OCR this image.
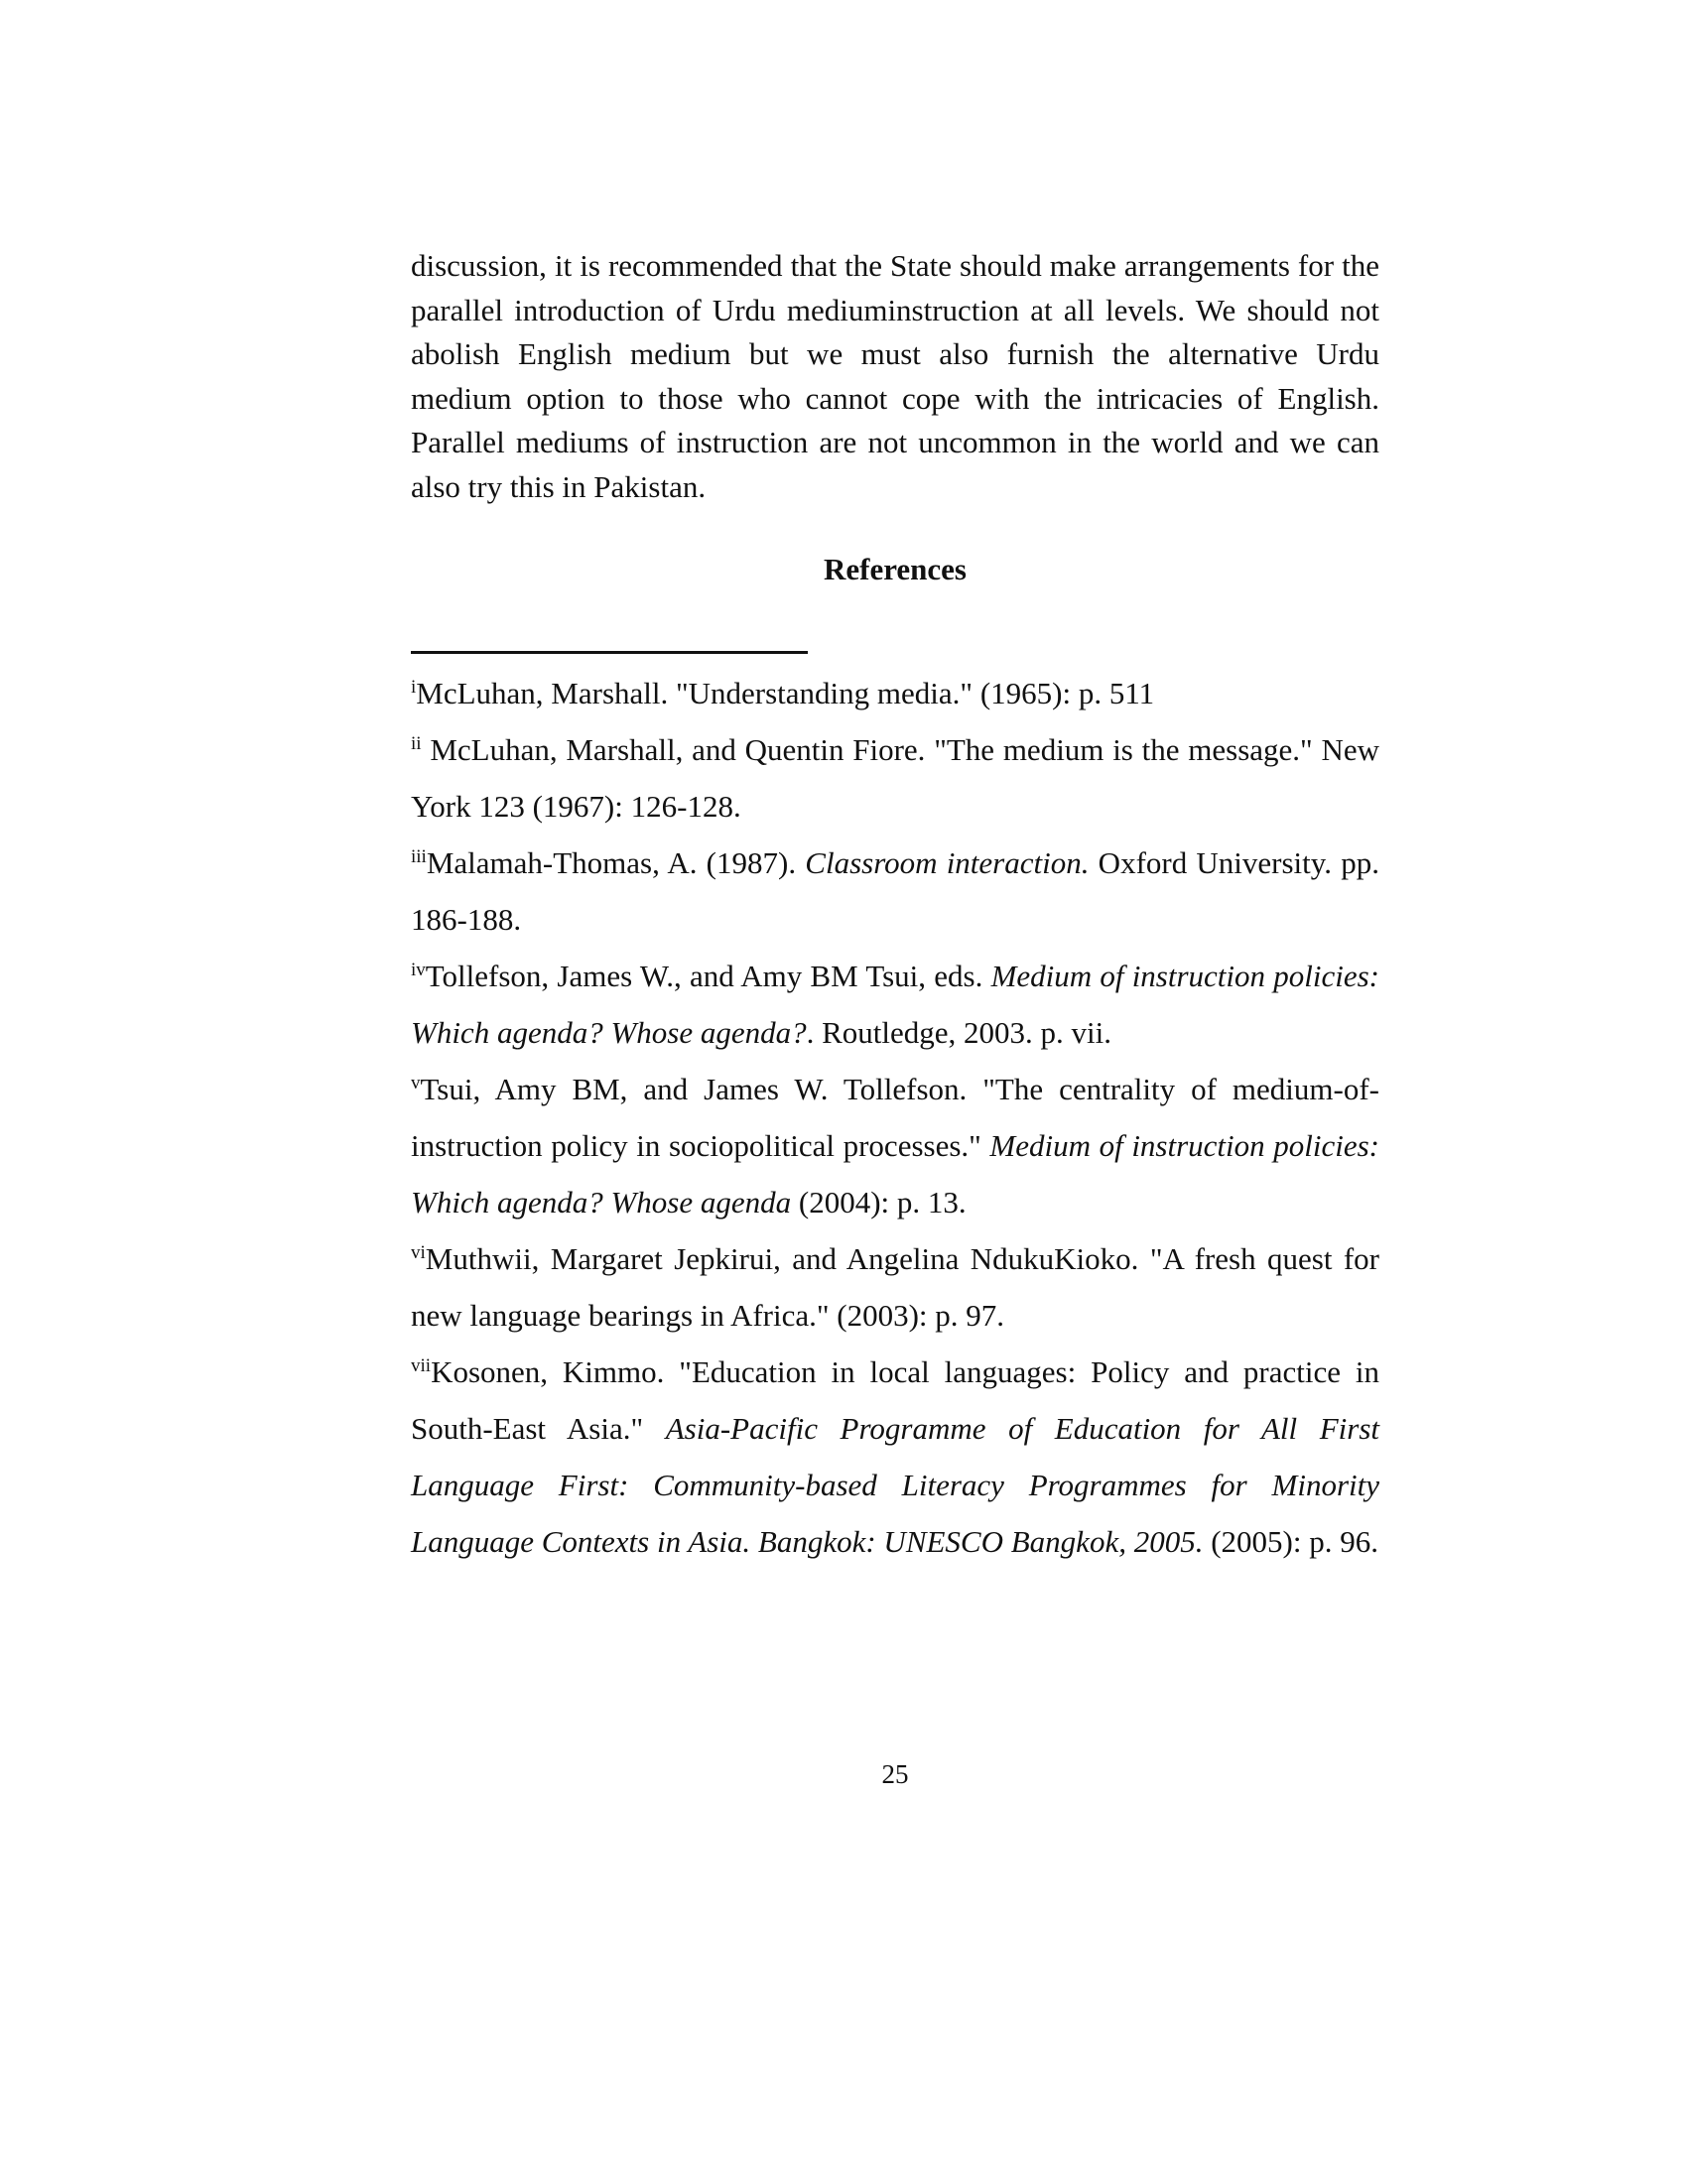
discussion, it is recommended that the State should make arrangements for the parallel introduction of Urdu mediuminstruction at all levels. We should not abolish English medium but we must also furnish the alternative Urdu medium option to those who cannot cope with the intricacies of English. Parallel mediums of instruction are not uncommon in the world and we can also try this in Pakistan.

References
$^i$McLuhan, Marshall. "Understanding media." (1965): p. 511
$^{ii}$ McLuhan, Marshall, and Quentin Fiore. "The medium is the message." New York 123 (1967): 126-128.
$^{iii}$Malamah-Thomas, A. (1987). Classroom interaction. Oxford University. pp. 186-188.
$^{iv}$Tollefson, James W., and Amy BM Tsui, eds. Medium of instruction policies: Which agenda? Whose agenda?. Routledge, 2003. p. vii.
$^v$Tsui, Amy BM, and James W. Tollefson. "The centrality of medium-of-instruction policy in sociopolitical processes." Medium of instruction policies: Which agenda? Whose agenda (2004): p. 13.
$^{vi}$Muthwii, Margaret Jepkirui, and Angelina NdukuKioko. "A fresh quest for new language bearings in Africa." (2003): p. 97.
$^{vii}$Kosonen, Kimmo. "Education in local languages: Policy and practice in South-East Asia." Asia-Pacific Programme of Education for All First Language First: Community-based Literacy Programmes for Minority Language Contexts in Asia. Bangkok: UNESCO Bangkok, 2005. (2005): p. 96.
25
